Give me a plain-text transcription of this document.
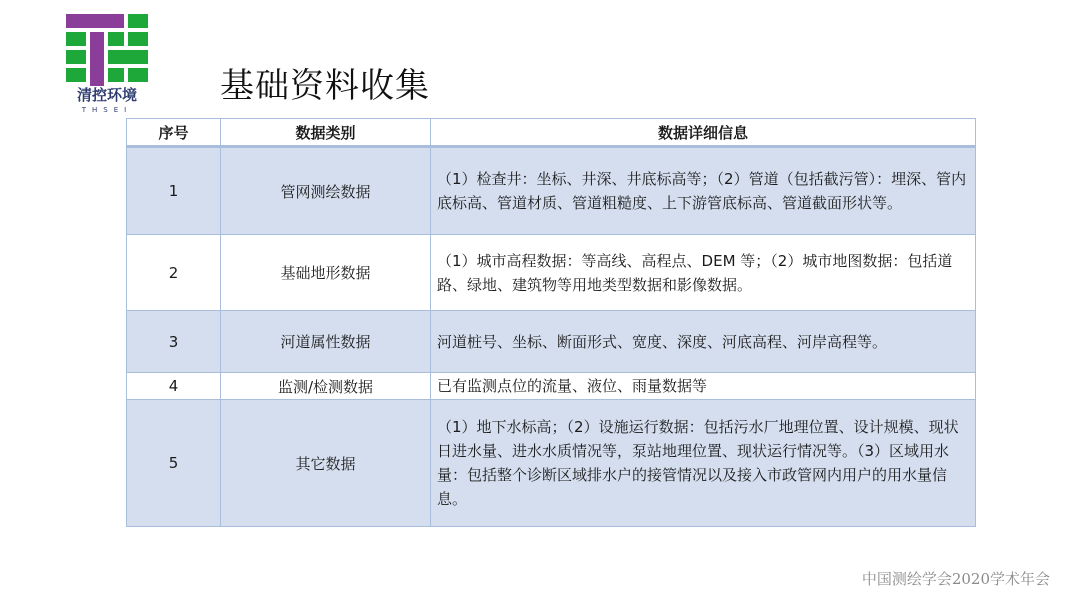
清控环境
THSEI
基础资料收集
序号	数据类别	数据详细信息
1	管网测绘数据	（1）检查井：坐标、井深、井底标高等；（2）管道（包括截污管）：埋深、管内底标高、管道材质、管道粗糙度、上下游管底标高、管道截面形状等。
2	基础地形数据	（1）城市高程数据：等高线、高程点、DEM 等；（2）城市地图数据：包括道路、绿地、建筑物等用地类型数据和影像数据。
3	河道属性数据	河道桩号、坐标、断面形式、宽度、深度、河底高程、河岸高程等。
4	监测/检测数据	已有监测点位的流量、液位、雨量数据等
5	其它数据	（1）地下水标高；（2）设施运行数据：包括污水厂地理位置、设计规模、现状日进水量、进水水质情况等，泵站地理位置、现状运行情况等。（3）区域用水量：包括整个诊断区域排水户的接管情况以及接入市政管网内用户的用水量信息。
中国测绘学会2020学术年会
